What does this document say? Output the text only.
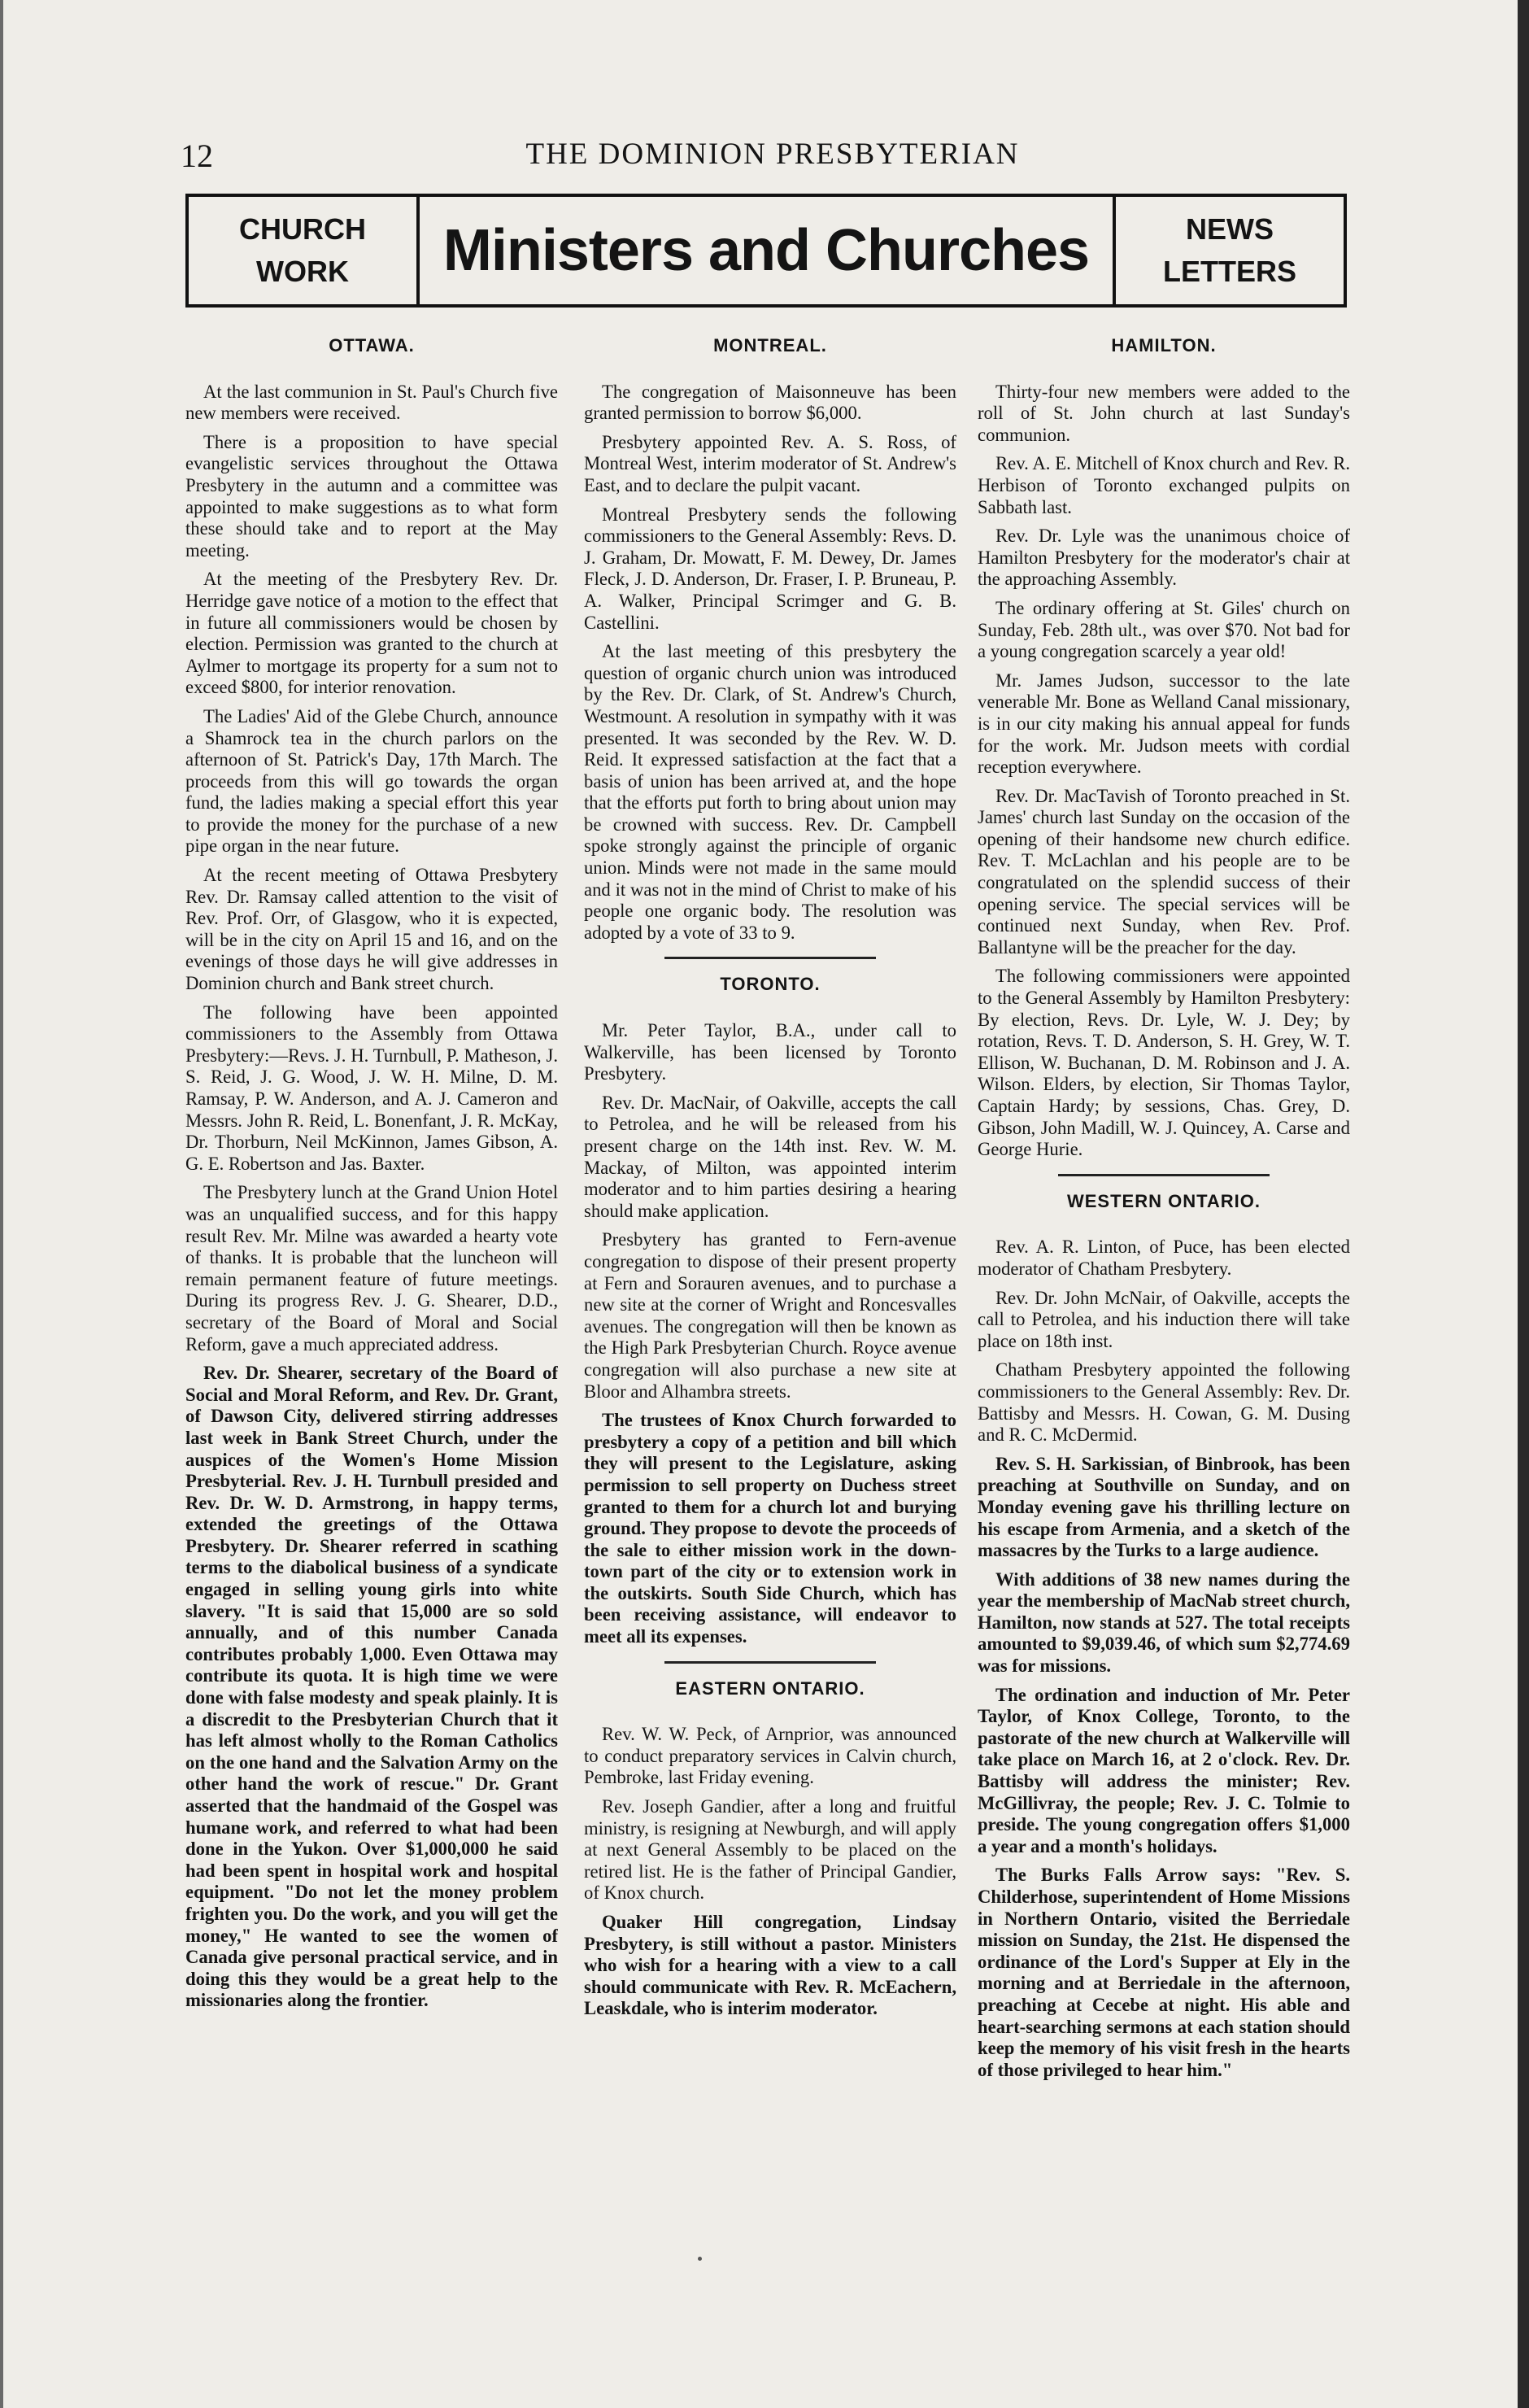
12	THE DOMINION PRESBYTERIAN
CHURCH
WORK	Ministers and Churches	NEWS
LETTERS
OTTAWA.

At the last communion in St. Paul's Church five new members were received.

There is a proposition to have special evangelistic services throughout the Ottawa Presbytery in the autumn and a committee was appointed to make suggestions as to what form these should take and to report at the May meeting.

At the meeting of the Presbytery Rev. Dr. Herridge gave notice of a motion to the effect that in future all commissioners would be chosen by election. Permission was granted to the church at Aylmer to mortgage its property for a sum not to exceed $800, for interior renovation.

The Ladies' Aid of the Glebe Church, announce a Shamrock tea in the church parlors on the afternoon of St. Patrick's Day, 17th March. The proceeds from this will go towards the organ fund, the ladies making a special effort this year to provide the money for the purchase of a new pipe organ in the near future.

At the recent meeting of Ottawa Presbytery Rev. Dr. Ramsay called attention to the visit of Rev. Prof. Orr, of Glasgow, who it is expected, will be in the city on April 15 and 16, and on the evenings of those days he will give addresses in Dominion church and Bank street church.

The following have been appointed commissioners to the Assembly from Ottawa Presbytery:—Revs. J. H. Turnbull, P. Matheson, J. S. Reid, J. G. Wood, J. W. H. Milne, D. M. Ramsay, P. W. Anderson, and A. J. Cameron and Messrs. John R. Reid, L. Bonenfant, J. R. McKay, Dr. Thorburn, Neil McKinnon, James Gibson, A. G. E. Robertson and Jas. Baxter.

The Presbytery lunch at the Grand Union Hotel was an unqualified success, and for this happy result Rev. Mr. Milne was awarded a hearty vote of thanks. It is probable that the luncheon will remain permanent feature of future meetings. During its progress Rev. J. G. Shearer, D.D., secretary of the Board of Moral and Social Reform, gave a much appreciated address.

Rev. Dr. Shearer, secretary of the Board of Social and Moral Reform, and Rev. Dr. Grant, of Dawson City, delivered stirring addresses last week in Bank Street Church, under the auspices of the Women's Home Mission Presbyterial. Rev. J. H. Turnbull presided and Rev. Dr. W. D. Armstrong, in happy terms, extended the greetings of the Ottawa Presbytery. Dr. Shearer referred in scathing terms to the diabolical business of a syndicate engaged in selling young girls into white slavery. "It is said that 15,000 are so sold annually, and of this number Canada contributes probably 1,000. Even Ottawa may contribute its quota. It is high time we were done with false modesty and speak plainly. It is a discredit to the Presbyterian Church that it has left almost wholly to the Roman Catholics on the one hand and the Salvation Army on the other hand the work of rescue." Dr. Grant asserted that the handmaid of the Gospel was humane work, and referred to what had been done in the Yukon. Over $1,000,000 he said had been spent in hospital work and hospital equipment. "Do not let the money problem frighten you. Do the work, and you will get the money," He wanted to see the women of Canada give personal practical service, and in doing this they would be a great help to the missionaries along the frontier.

MONTREAL.

The congregation of Maisonneuve has been granted permission to borrow $6,000.

Presbytery appointed Rev. A. S. Ross, of Montreal West, interim moderator of St. Andrew's East, and to declare the pulpit vacant.

Montreal Presbytery sends the following commissioners to the General Assembly: Revs. D. J. Graham, Dr. Mowatt, F. M. Dewey, Dr. James Fleck, J. D. Anderson, Dr. Fraser, I. P. Bruneau, P. A. Walker, Principal Scrimger and G. B. Castellini.

At the last meeting of this presbytery the question of organic church union was introduced by the Rev. Dr. Clark, of St. Andrew's Church, Westmount. A resolution in sympathy with it was presented. It was seconded by the Rev. W. D. Reid. It expressed satisfaction at the fact that a basis of union has been arrived at, and the hope that the efforts put forth to bring about union may be crowned with success. Rev. Dr. Campbell spoke strongly against the principle of organic union. Minds were not made in the same mould and it was not in the mind of Christ to make of his people one organic body. The resolution was adopted by a vote of 33 to 9.

TORONTO.

Mr. Peter Taylor, B.A., under call to Walkerville, has been licensed by Toronto Presbytery.

Rev. Dr. MacNair, of Oakville, accepts the call to Petrolea, and he will be released from his present charge on the 14th inst. Rev. W. M. Mackay, of Milton, was appointed interim moderator and to him parties desiring a hearing should make application.

Presbytery has granted to Fern-avenue congregation to dispose of their present property at Fern and Sorauren avenues, and to purchase a new site at the corner of Wright and Roncesvalles avenues. The congregation will then be known as the High Park Presbyterian Church. Royce avenue congregation will also purchase a new site at Bloor and Alhambra streets.

The trustees of Knox Church forwarded to presbytery a copy of a petition and bill which they will present to the Legislature, asking permission to sell property on Duchess street granted to them for a church lot and burying ground. They propose to devote the proceeds of the sale to either mission work in the down-town part of the city or to extension work in the outskirts. South Side Church, which has been receiving assistance, will endeavor to meet all its expenses.

EASTERN ONTARIO.

Rev. W. W. Peck, of Arnprior, was announced to conduct preparatory services in Calvin church, Pembroke, last Friday evening.

Rev. Joseph Gandier, after a long and fruitful ministry, is resigning at Newburgh, and will apply at next General Assembly to be placed on the retired list. He is the father of Principal Gandier, of Knox church.

Quaker Hill congregation, Lindsay Presbytery, is still without a pastor. Ministers who wish for a hearing with a view to a call should communicate with Rev. R. McEachern, Leaskdale, who is interim moderator.

HAMILTON.

Thirty-four new members were added to the roll of St. John church at last Sunday's communion.

Rev. A. E. Mitchell of Knox church and Rev. R. Herbison of Toronto exchanged pulpits on Sabbath last.

Rev. Dr. Lyle was the unanimous choice of Hamilton Presbytery for the moderator's chair at the approaching Assembly.

The ordinary offering at St. Giles' church on Sunday, Feb. 28th ult., was over $70. Not bad for a young congregation scarcely a year old!

Mr. James Judson, successor to the late venerable Mr. Bone as Welland Canal missionary, is in our city making his annual appeal for funds for the work. Mr. Judson meets with cordial reception everywhere.

Rev. Dr. MacTavish of Toronto preached in St. James' church last Sunday on the occasion of the opening of their handsome new church edifice. Rev. T. McLachlan and his people are to be congratulated on the splendid success of their opening service. The special services will be continued next Sunday, when Rev. Prof. Ballantyne will be the preacher for the day.

The following commissioners were appointed to the General Assembly by Hamilton Presbytery: By election, Revs. Dr. Lyle, W. J. Dey; by rotation, Revs. T. D. Anderson, S. H. Grey, W. T. Ellison, W. Buchanan, D. M. Robinson and J. A. Wilson. Elders, by election, Sir Thomas Taylor, Captain Hardy; by sessions, Chas. Grey, D. Gibson, John Madill, W. J. Quincey, A. Carse and George Hurie.

WESTERN ONTARIO.

Rev. A. R. Linton, of Puce, has been elected moderator of Chatham Presbytery.

Rev. Dr. John McNair, of Oakville, accepts the call to Petrolea, and his induction there will take place on 18th inst.

Chatham Presbytery appointed the following commissioners to the General Assembly: Rev. Dr. Battisby and Messrs. H. Cowan, G. M. Dusing and R. C. McDermid.

Rev. S. H. Sarkissian, of Binbrook, has been preaching at Southville on Sunday, and on Monday evening gave his thrilling lecture on his escape from Armenia, and a sketch of the massacres by the Turks to a large audience.

With additions of 38 new names during the year the membership of MacNab street church, Hamilton, now stands at 527. The total receipts amounted to $9,039.46, of which sum $2,774.69 was for missions.

The ordination and induction of Mr. Peter Taylor, of Knox College, Toronto, to the pastorate of the new church at Walkerville will take place on March 16, at 2 o'clock. Rev. Dr. Battisby will address the minister; Rev. McGillivray, the people; Rev. J. C. Tolmie to preside. The young congregation offers $1,000 a year and a month's holidays.

The Burks Falls Arrow says: "Rev. S. Childerhose, superintendent of Home Missions in Northern Ontario, visited the Berriedale mission on Sunday, the 21st. He dispensed the ordinance of the Lord's Supper at Ely in the morning and at Berriedale in the afternoon, preaching at Cecebe at night. His able and heart-searching sermons at each station should keep the memory of his visit fresh in the hearts of those privileged to hear him."
